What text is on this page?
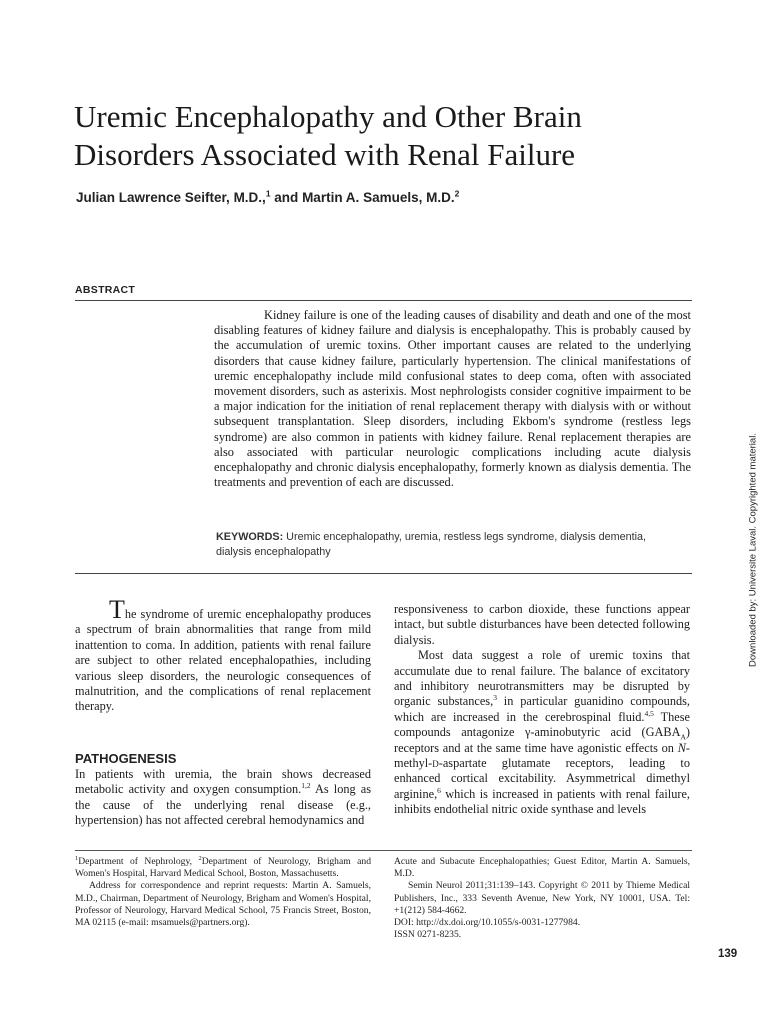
Uremic Encephalopathy and Other Brain Disorders Associated with Renal Failure
Julian Lawrence Seifter, M.D.,$^1$ and Martin A. Samuels, M.D.$^2$
ABSTRACT

Kidney failure is one of the leading causes of disability and death and one of the most disabling features of kidney failure and dialysis is encephalopathy. This is probably caused by the accumulation of uremic toxins. Other important causes are related to the underlying disorders that cause kidney failure, particularly hypertension. The clinical manifestations of uremic encephalopathy include mild confusional states to deep coma, often with associated movement disorders, such as asterixis. Most nephrologists consider cognitive impairment to be a major indication for the initiation of renal replacement therapy with dialysis with or without subsequent transplantation. Sleep disorders, including Ekbom's syndrome (restless legs syndrome) are also common in patients with kidney failure. Renal replacement therapies are also associated with particular neurologic complications including acute dialysis encephalopathy and chronic dialysis encephalopathy, formerly known as dialysis dementia. The treatments and prevention of each are discussed.

KEYWORDS: Uremic encephalopathy, uremia, restless legs syndrome, dialysis dementia, dialysis encephalopathy	Downloaded by: Universite Laval. Copyrighted material.

The syndrome of uremic encephalopathy produces a spectrum of brain abnormalities that range from mild inattention to coma. In addition, patients with renal failure are subject to other related encephalopathies, including various sleep disorders, the neurologic consequences of malnutrition, and the complications of renal replacement therapy.

PATHOGENESIS

In patients with uremia, the brain shows decreased metabolic activity and oxygen consumption.$^{1,2}$ As long as the cause of the underlying renal disease (e.g., hypertension) has not affected cerebral hemodynamics and

responsiveness to carbon dioxide, these functions appear intact, but subtle disturbances have been detected following dialysis.

Most data suggest a role of uremic toxins that accumulate due to renal failure. The balance of excitatory and inhibitory neurotransmitters may be disrupted by organic substances,$^3$ in particular guanidino compounds, which are increased in the cerebrospinal fluid.$^{4,5}$ These compounds antagonize γ-aminobutyric acid $(GABA_A)$ receptors and at the same time have agonistic effects on N-methyl-d-aspartate glutamate receptors, leading to enhanced cortical excitability. Asymmetrical dimethyl arginine,$^6$ which is increased in patients with renal failure, inhibits endothelial nitric oxide synthase and levels

$^1$Department of Nephrology, $^2$Department of Neurology, Brigham and Women's Hospital, Harvard Medical School, Boston, Massachusetts.

Address for correspondence and reprint requests: Martin A. Samuels, M.D., Chairman, Department of Neurology, Brigham and Women's Hospital, Professor of Neurology, Harvard Medical School, 75 Francis Street, Boston, MA 02115 (e-mail: msamuels@partners.org).

Acute and Subacute Encephalopathies; Guest Editor, Martin A. Samuels, M.D.

Semin Neurol 2011;31:139–143. Copyright © 2011 by Thieme Medical Publishers, Inc., 333 Seventh Avenue, New York, NY 10001, USA. Tel: +1(212) 584-4662.

DOI: http://dx.doi.org/10.1055/s-0031-1277984.

ISSN 0271-8235.

139
